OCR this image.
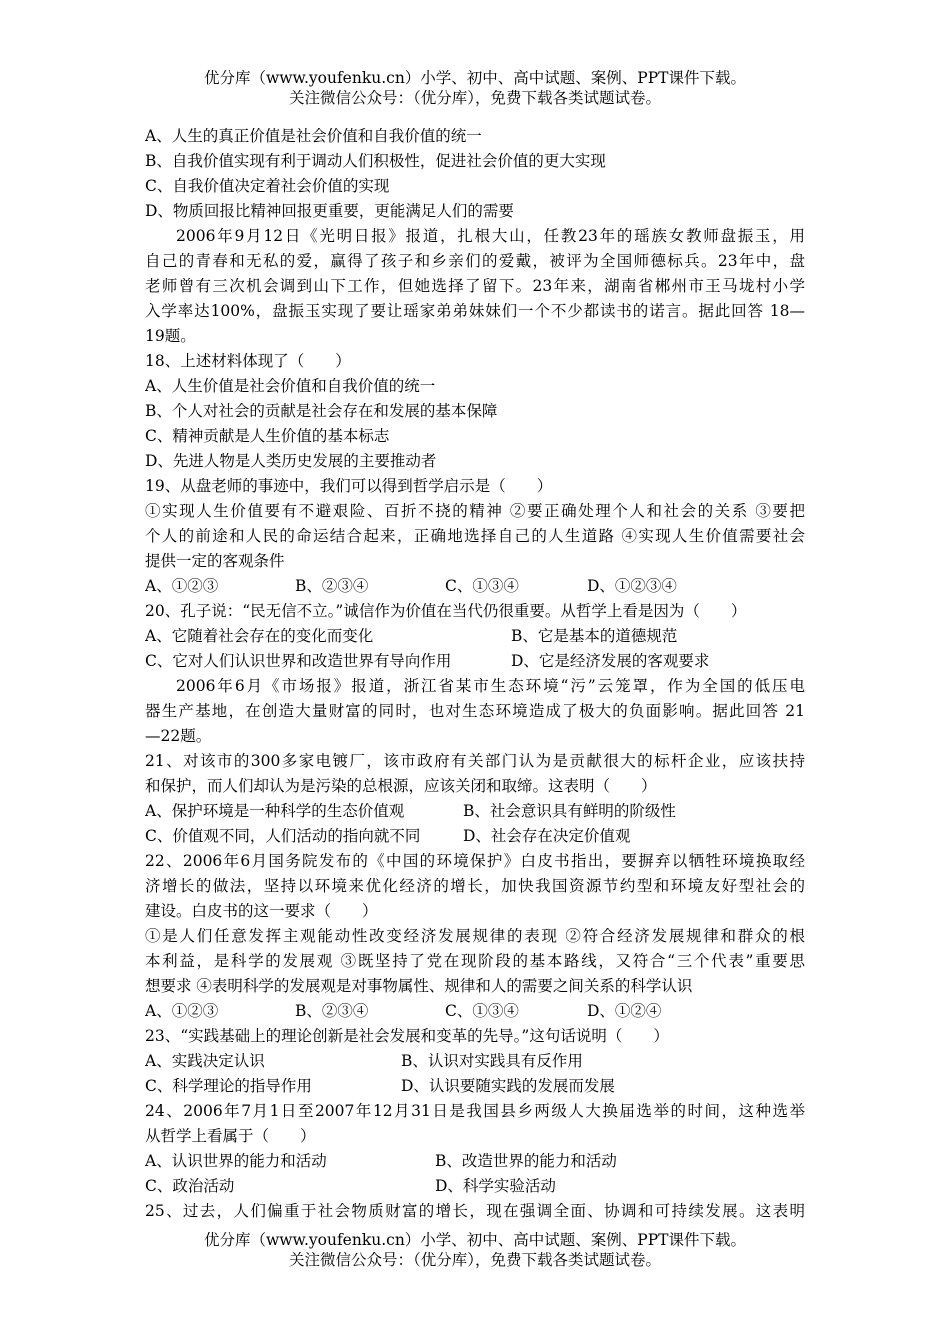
优分库（www.youfenku.cn）小学、初中、高中试题、案例、PPT课件下载。
关注微信公众号：（优分库），免费下载各类试题试卷。
A、人生的真正价值是社会价值和自我价值的统一
B、自我价值实现有利于调动人们积极性，促进社会价值的更大实现
C、自我价值决定着社会价值的实现
D、物质回报比精神回报更重要，更能满足人们的需要
2006年9月12日《光明日报》报道，扎根大山，任教23年的瑶族女教师盘振玉，用
自己的青春和无私的爱，赢得了孩子和乡亲们的爱戴，被评为全国师德标兵。23年中，盘
老师曾有三次机会调到山下工作，但她选择了留下。23年来，湖南省郴州市王马垅村小学
入学率达100%，盘振玉实现了要让瑶家弟弟妹妹们一个不少都读书的诺言。据此回答 18—
19题。
18、上述材料体现了（　　）
A、人生价值是社会价值和自我价值的统一
B、个人对社会的贡献是社会存在和发展的基本保障
C、精神贡献是人生价值的基本标志
D、先进人物是人类历史发展的主要推动者
19、从盘老师的事迹中，我们可以得到哲学启示是（　　）
①实现人生价值要有不避艰险、百折不挠的精神 ②要正确处理个人和社会的关系 ③要把
个人的前途和人民的命运结合起来，正确地选择自己的人生道路 ④实现人生价值需要社会
提供一定的客观条件
A、①②③	B、②③④	C、①③④	D、①②③④
20、孔子说：“民无信不立。”诚信作为价值在当代仍很重要。从哲学上看是因为（　　）
A、它随着社会存在的变化而变化	B、它是基本的道德规范
C、它对人们认识世界和改造世界有导向作用	D、它是经济发展的客观要求
2006年6月《市场报》报道，浙江省某市生态环境“污”云笼罩，作为全国的低压电
器生产基地，在创造大量财富的同时，也对生态环境造成了极大的负面影响。据此回答 21
—22题。
21、对该市的300多家电镀厂，该市政府有关部门认为是贡献很大的标杆企业，应该扶持
和保护，而人们却认为是污染的总根源，应该关闭和取缔。这表明（　　）
A、保护环境是一种科学的生态价值观	B、社会意识具有鲜明的阶级性
C、价值观不同，人们活动的指向就不同	D、社会存在决定价值观
22、2006年6月国务院发布的《中国的环境保护》白皮书指出，要摒弃以牺牲环境换取经
济增长的做法，坚持以环境来优化经济的增长，加快我国资源节约型和环境友好型社会的
建设。白皮书的这一要求（　　）
①是人们任意发挥主观能动性改变经济发展规律的表现 ②符合经济发展规律和群众的根
本利益，是科学的发展观 ③既坚持了党在现阶段的基本路线，又符合“三个代表”重要思
想要求 ④表明科学的发展观是对事物属性、规律和人的需要之间关系的科学认识
A、①②③	B、②③④	C、①③④	D、①②④
23、“实践基础上的理论创新是社会发展和变革的先导。”这句话说明（　　）
A、实践决定认识	B、认识对实践具有反作用
C、科学理论的指导作用	D、认识要随实践的发展而发展
24、2006年7月1日至2007年12月31日是我国县乡两级人大换届选举的时间，这种选举
从哲学上看属于（　　）
A、认识世界的能力和活动	B、改造世界的能力和活动
C、政治活动	D、科学实验活动
25、过去，人们偏重于社会物质财富的增长，现在强调全面、协调和可持续发展。这表明
优分库（www.youfenku.cn）小学、初中、高中试题、案例、PPT课件下载。
关注微信公众号：（优分库），免费下载各类试题试卷。
